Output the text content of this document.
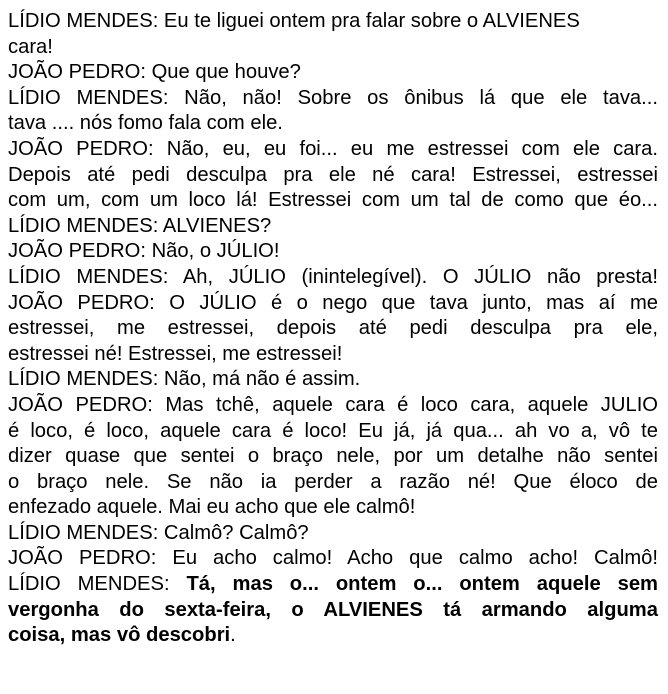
LÍDIO MENDES: Eu te liguei ontem pra falar sobre o ALVIENES
cara!
JOÃO PEDRO: Que que houve?
LÍDIO MENDES: Não, não! Sobre os ônibus lá que ele tava...
tava .... nós fomo fala com ele.
JOÃO PEDRO: Não, eu, eu foi... eu me estressei com ele cara.
Depois até pedi desculpa pra ele né cara! Estressei, estressei
com um, com um loco lá! Estressei com um tal de como que éo...
LÍDIO MENDES: ALVIENES?
JOÃO PEDRO: Não, o JÚLIO!
LÍDIO MENDES: Ah, JÚLIO (inintelegível). O JÚLIO não presta!
JOÃO PEDRO: O JÚLIO é o nego que tava junto, mas aí me
estressei, me estressei, depois até pedi desculpa pra ele,
estressei né! Estressei, me estressei!
LÍDIO MENDES: Não, má não é assim.
JOÃO PEDRO: Mas tchê, aquele cara é loco cara, aquele JULIO
é loco, é loco, aquele cara é loco! Eu já, já qua... ah vo a, vô te
dizer quase que sentei o braço nele, por um detalhe não sentei
o braço nele. Se não ia perder a razão né! Que éloco de
enfezado aquele. Mai eu acho que ele calmô!
LÍDIO MENDES: Calmô? Calmô?
JOÃO PEDRO: Eu acho calmo! Acho que calmo acho! Calmô!
LÍDIO MENDES: Tá, mas o... ontem o... ontem aquele sem
vergonha do sexta-feira, o ALVIENES tá armando alguma
coisa, mas vô descobri.
